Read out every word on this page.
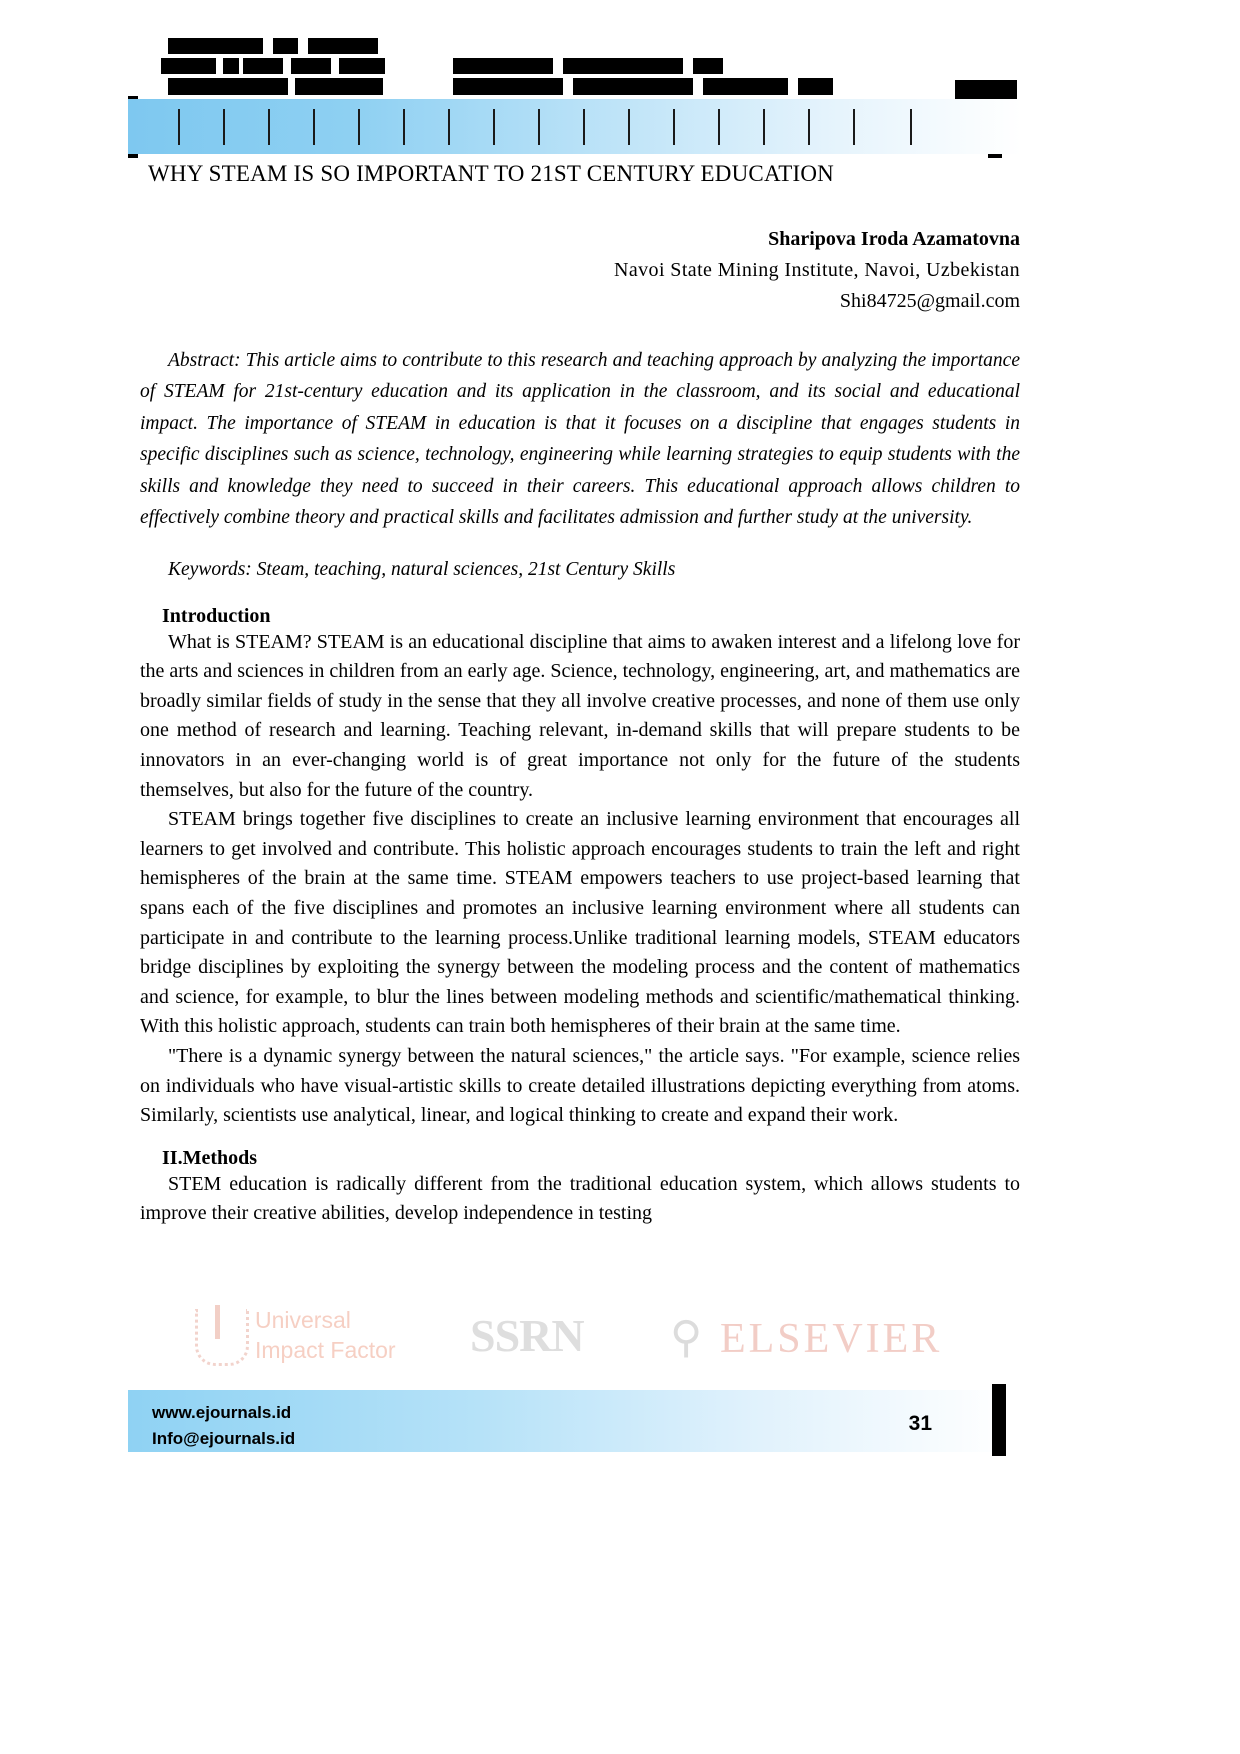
WHY STEAM IS SO IMPORTANT TO 21ST CENTURY EDUCATION
Sharipova Iroda Azamatovna
Navoi State Mining Institute, Navoi, Uzbekistan
Shi84725@gmail.com

Abstract: This article aims to contribute to this research and teaching approach by analyzing the importance of STEAM for 21st-century education and its application in the classroom, and its social and educational impact. The importance of STEAM in education is that it focuses on a discipline that engages students in specific disciplines such as science, technology, engineering while learning strategies to equip students with the skills and knowledge they need to succeed in their careers. This educational approach allows children to effectively combine theory and practical skills and facilitates admission and further study at the university.

Keywords: Steam, teaching, natural sciences, 21st Century Skills

Introduction

What is STEAM? STEAM is an educational discipline that aims to awaken interest and a lifelong love for the arts and sciences in children from an early age. Science, technology, engineering, art, and mathematics are broadly similar fields of study in the sense that they all involve creative processes, and none of them use only one method of research and learning. Teaching relevant, in-demand skills that will prepare students to be innovators in an ever-changing world is of great importance not only for the future of the students themselves, but also for the future of the country.

STEAM brings together five disciplines to create an inclusive learning environment that encourages all learners to get involved and contribute. This holistic approach encourages students to train the left and right hemispheres of the brain at the same time. STEAM empowers teachers to use project-based learning that spans each of the five disciplines and promotes an inclusive learning environment where all students can participate in and contribute to the learning process.Unlike traditional learning models, STEAM educators bridge disciplines by exploiting the synergy between the modeling process and the content of mathematics and science, for example, to blur the lines between modeling methods and scientific/mathematical thinking. With this holistic approach, students can train both hemispheres of their brain at the same time.

"There is a dynamic synergy between the natural sciences," the article says. "For example, science relies on individuals who have visual-artistic skills to create detailed illustrations depicting everything from atoms. Similarly, scientists use analytical, linear, and logical thinking to create and expand their work.

II.Methods

STEM education is radically different from the traditional education system, which allows students to improve their creative abilities, develop independence in testing

Universal
Impact Factor SSRN ⚲ ELSEVIER
www.ejournals.id
Info@ejournals.id
31
